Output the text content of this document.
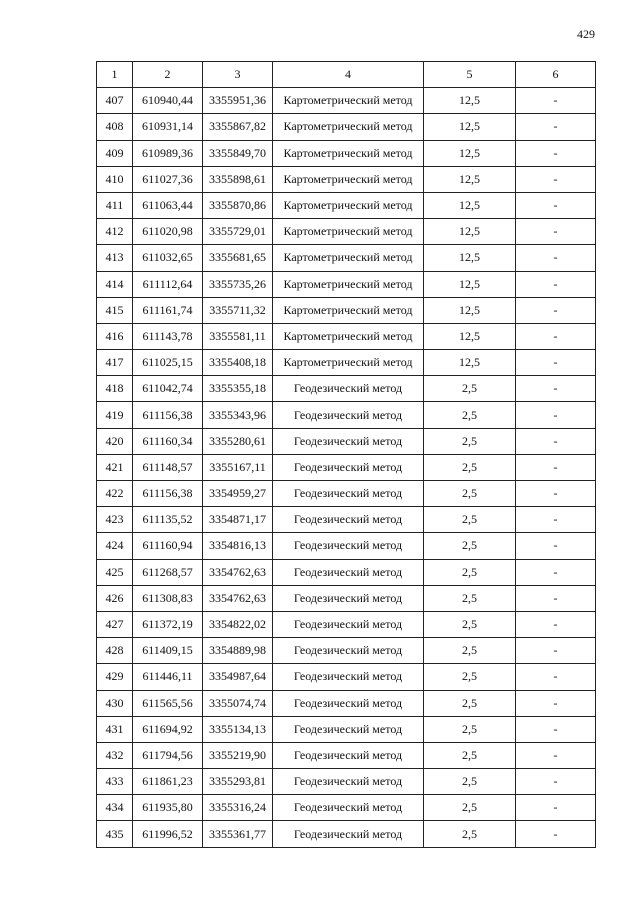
429
1	2	3	4	5	6
407	610940,44	3355951,36	Картометрический метод	12,5	-
408	610931,14	3355867,82	Картометрический метод	12,5	-
409	610989,36	3355849,70	Картометрический метод	12,5	-
410	611027,36	3355898,61	Картометрический метод	12,5	-
411	611063,44	3355870,86	Картометрический метод	12,5	-
412	611020,98	3355729,01	Картометрический метод	12,5	-
413	611032,65	3355681,65	Картометрический метод	12,5	-
414	611112,64	3355735,26	Картометрический метод	12,5	-
415	611161,74	3355711,32	Картометрический метод	12,5	-
416	611143,78	3355581,11	Картометрический метод	12,5	-
417	611025,15	3355408,18	Картометрический метод	12,5	-
418	611042,74	3355355,18	Геодезический метод	2,5	-
419	611156,38	3355343,96	Геодезический метод	2,5	-
420	611160,34	3355280,61	Геодезический метод	2,5	-
421	611148,57	3355167,11	Геодезический метод	2,5	-
422	611156,38	3354959,27	Геодезический метод	2,5	-
423	611135,52	3354871,17	Геодезический метод	2,5	-
424	611160,94	3354816,13	Геодезический метод	2,5	-
425	611268,57	3354762,63	Геодезический метод	2,5	-
426	611308,83	3354762,63	Геодезический метод	2,5	-
427	611372,19	3354822,02	Геодезический метод	2,5	-
428	611409,15	3354889,98	Геодезический метод	2,5	-
429	611446,11	3354987,64	Геодезический метод	2,5	-
430	611565,56	3355074,74	Геодезический метод	2,5	-
431	611694,92	3355134,13	Геодезический метод	2,5	-
432	611794,56	3355219,90	Геодезический метод	2,5	-
433	611861,23	3355293,81	Геодезический метод	2,5	-
434	611935,80	3355316,24	Геодезический метод	2,5	-
435	611996,52	3355361,77	Геодезический метод	2,5	-
